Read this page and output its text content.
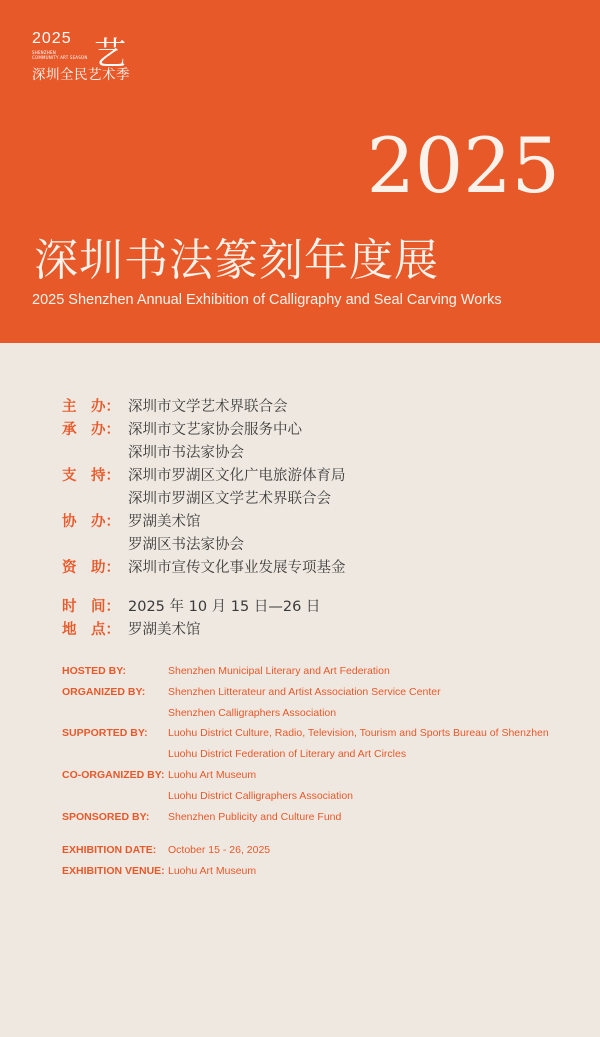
2025
SHENZHEN
COMMUNITY ART SEASON 艺
深圳全民艺术季
2025
深圳书法篆刻年度展
2025 Shenzhen Annual Exhibition of Calligraphy and Seal Carving Works
主　办： 深圳市文学艺术界联合会
承　办： 深圳市文艺家协会服务中心
深圳市书法家协会
支　持： 深圳市罗湖区文化广电旅游体育局
深圳市罗湖区文学艺术界联合会
协　办： 罗湖美术馆
罗湖区书法家协会
资　助： 深圳市宣传文化事业发展专项基金
时　间： 2025 年 10 月 15 日—26 日
地　点： 罗湖美术馆
HOSTED BY:	Shenzhen Municipal Literary and Art Federation
ORGANIZED BY: Shenzhen Litterateur and Artist Association Service Center
Shenzhen Calligraphers Association
SUPPORTED BY: Luohu District Culture, Radio, Television, Tourism and Sports Bureau of Shenzhen
Luohu District Federation of Literary and Art Circles
CO-ORGANIZED BY: Luohu Art Museum
Luohu District Calligraphers Association
SPONSORED BY: Shenzhen Publicity and Culture Fund
EXHIBITION DATE: October 15 - 26, 2025
EXHIBITION VENUE: Luohu Art Museum
